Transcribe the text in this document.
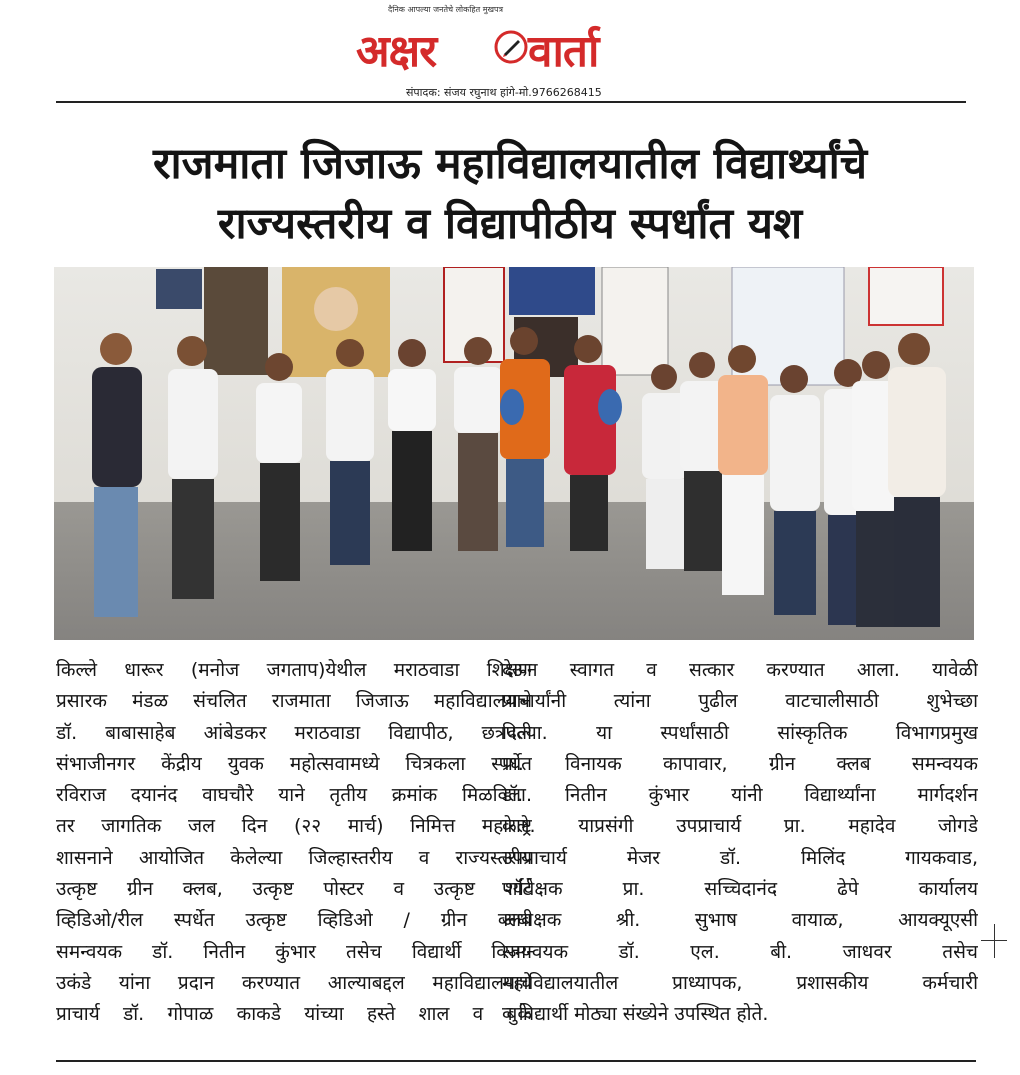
दैनिक आपल्या जनतेचे लोकहित मुखपत्र
अक्षर वार्ता
संपादक: संजय रघुनाथ हांगे-मो.9766268415
राजमाता जिजाऊ महाविद्यालयातील विद्यार्थ्यांचे
राज्यस्तरीय व विद्यापीठीय स्पर्धांत यश
किल्ले धारूर (मनोज जगताप)येथील मराठवाडा शिक्षण
प्रसारक मंडळ संचलित राजमाता जिजाऊ महाविद्यालयाने
डॉ. बाबासाहेब आंबेडकर मराठवाडा विद्यापीठ, छत्रपती
संभाजीनगर केंद्रीय युवक महोत्सवामध्ये चित्रकला स्पर्धेत
रविराज दयानंद वाघचौरे याने तृतीय क्रमांक मिळविला.
तर जागतिक जल दिन (२२ मार्च) निमित्त महाराष्ट्र
शासनाने आयोजित केलेल्या जिल्हास्तरीय व राज्यस्तरीय
उत्कृष्ट ग्रीन क्लब, उत्कृष्ट पोस्टर व उत्कृष्ट शॉर्ट
व्हिडिओ/रील स्पर्धेत उत्कृष्ट व्हिडिओ / ग्रीन क्लब
समन्वयक डॉ. नितीन कुंभार तसेच विद्यार्थी विजय
उकंडे यांना प्रदान करण्यात आल्याबद्दल महाविद्यालयाचे
प्राचार्य डॉ. गोपाळ काकडे यांच्या हस्ते शाल व बुके
देऊन स्वागत व सत्कार करण्यात आला. यावेळी
प्राचार्यांनी त्यांना पुढील वाटचालीसाठी शुभेच्छा
दिल्या. या स्पर्धांसाठी सांस्कृतिक विभागप्रमुख
प्रा. विनायक कापावार, ग्रीन क्लब समन्वयक
डॉ. नितीन कुंभार यांनी विद्यार्थ्यांना मार्गदर्शन
केले. याप्रसंगी उपप्राचार्य प्रा. महादेव जोगडे
उपप्राचार्य मेजर डॉ. मिलिंद गायकवाड,
पर्यवेक्षक प्रा. सच्चिदानंद ढेपे कार्यालय
अधीक्षक श्री. सुभाष वायाळ, आयक्यूएसी
समन्वयक डॉ. एल. बी. जाधवर तसेच
महाविद्यालयातील प्राध्यापक, प्रशासकीय कर्मचारी
व विद्यार्थी मोठ्या संख्येने उपस्थित होते.
